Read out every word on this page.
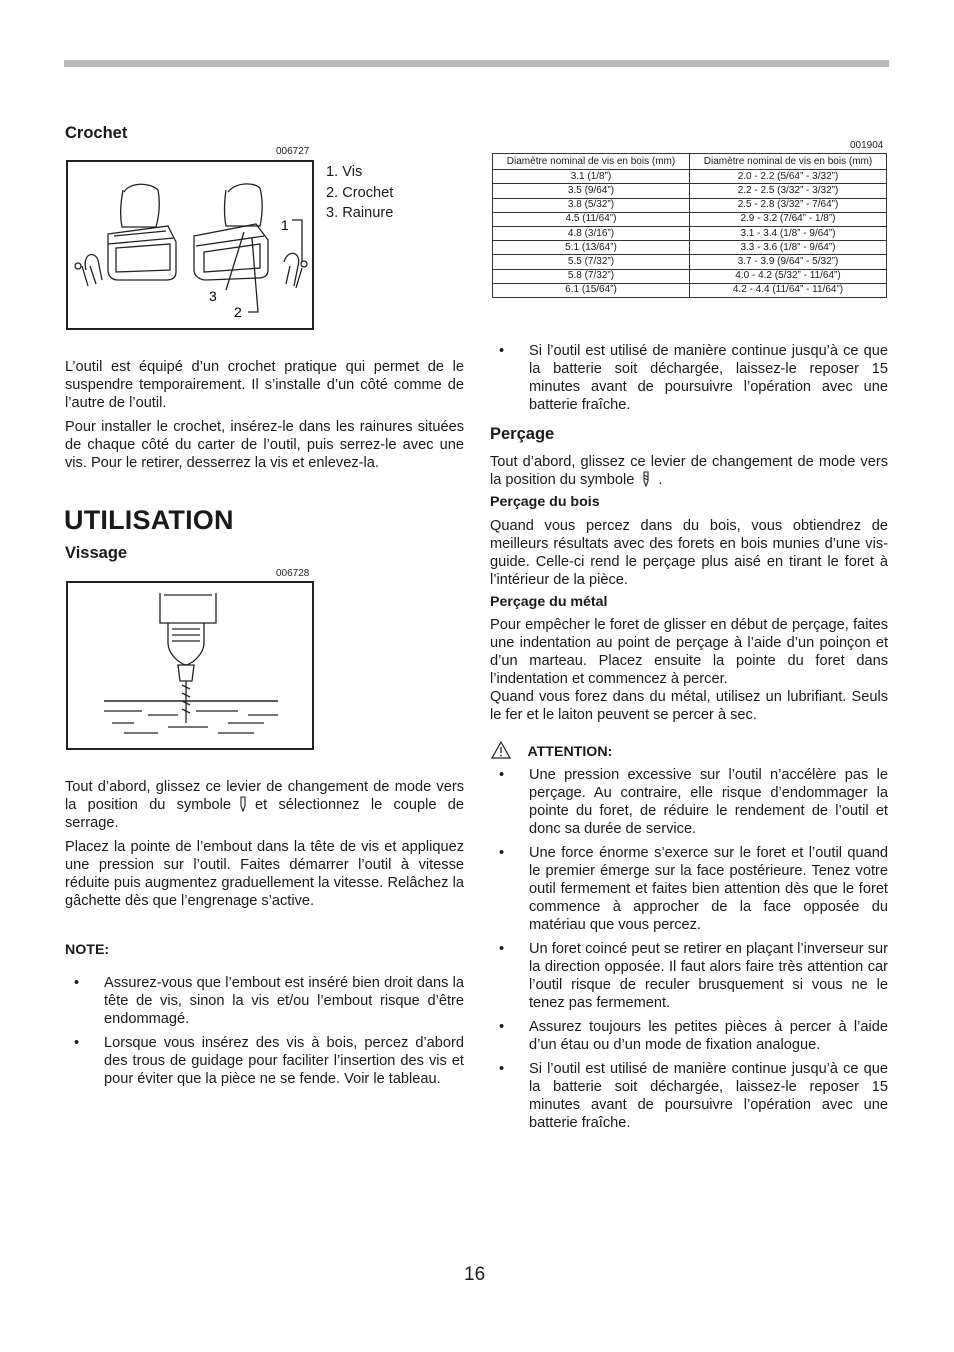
Crochet
006727
1
2
3
1. Vis
2. Crochet
3. Rainure

L’outil est équipé d’un crochet pratique qui permet de le suspendre temporairement. Il s’installe d’un côté comme de l’autre de l’outil.

Pour installer le crochet, insérez-le dans les rainures situées de chaque côté du carter de l’outil, puis serrez-le avec une vis. Pour le retirer, desserrez la vis et enlevez-la.

UTILISATION
Vissage
006728

Tout d’abord, glissez ce levier de changement de mode vers la position du symbole et sélectionnez le couple de serrage.

Placez la pointe de l’embout dans la tête de vis et appliquez une pression sur l’outil. Faites démarrer l’outil à vitesse réduite puis augmentez graduellement la vitesse. Relâchez la gâchette dès que l’engrenage s’active.

NOTE:
• Assurez-vous que l’embout est inséré bien droit dans la tête de vis, sinon la vis et/ou l’embout risque d’être endommagé.
• Lorsque vous insérez des vis à bois, percez d’abord des trous de guidage pour faciliter l’insertion des vis et pour éviter que la pièce ne se fende. Voir le tableau.
001904
Diamètre nominal de vis en bois (mm)	Diamètre nominal de vis en bois (mm)
3.1 (1/8”)	2.0 - 2.2 (5/64” - 3/32”)
3.5 (9/64”)	2.2 - 2.5 (3/32” - 3/32”)
3.8 (5/32”)	2.5 - 2.8 (3/32” - 7/64”)
4.5 (11/64”)	2.9 - 3.2 (7/64” - 1/8”)
4.8 (3/16”)	3.1 - 3.4 (1/8” - 9/64”)
5.1 (13/64”)	3.3 - 3.6 (1/8” - 9/64”)
5.5 (7/32”)	3.7 - 3.9 (9/64” - 5/32”)
5.8 (7/32”)	4.0 - 4.2 (5/32” - 11/64”)
6.1 (15/64”)	4.2 - 4.4 (11/64” - 11/64”)
• Si l’outil est utilisé de manière continue jusqu’à ce que la batterie soit déchargée, laissez-le reposer 15 minutes avant de poursuivre l’opération avec une batterie fraîche.
Perçage

Tout d’abord, glissez ce levier de changement de mode vers la position du symbole .

Perçage du bois

Quand vous percez dans du bois, vous obtiendrez de meilleurs résultats avec des forets en bois munies d’une vis-guide. Celle-ci rend le perçage plus aisé en tirant le foret à l’intérieur de la pièce.

Perçage du métal

Pour empêcher le foret de glisser en début de perçage, faites une indentation au point de perçage à l’aide d’un poinçon et d’un marteau. Placez ensuite la pointe du foret dans l’indentation et commencez à percer.

Quand vous forez dans du métal, utilisez un lubrifiant. Seuls le fer et le laiton peuvent se percer à sec.

ATTENTION:
• Une pression excessive sur l’outil n’accélère pas le perçage. Au contraire, elle risque d’endommager la pointe du foret, de réduire le rendement de l’outil et donc sa durée de service.
• Une force énorme s’exerce sur le foret et l’outil quand le premier émerge sur la face postérieure. Tenez votre outil fermement et faites bien attention dès que le foret commence à approcher de la face opposée du matériau que vous percez.
• Un foret coincé peut se retirer en plaçant l’inverseur sur la direction opposée. Il faut alors faire très attention car l’outil risque de reculer brusquement si vous ne le tenez pas fermement.
• Assurez toujours les petites pièces à percer à l’aide d’un étau ou d’un mode de fixation analogue.
• Si l’outil est utilisé de manière continue jusqu’à ce que la batterie soit déchargée, laissez-le reposer 15 minutes avant de poursuivre l’opération avec une batterie fraîche.
16
